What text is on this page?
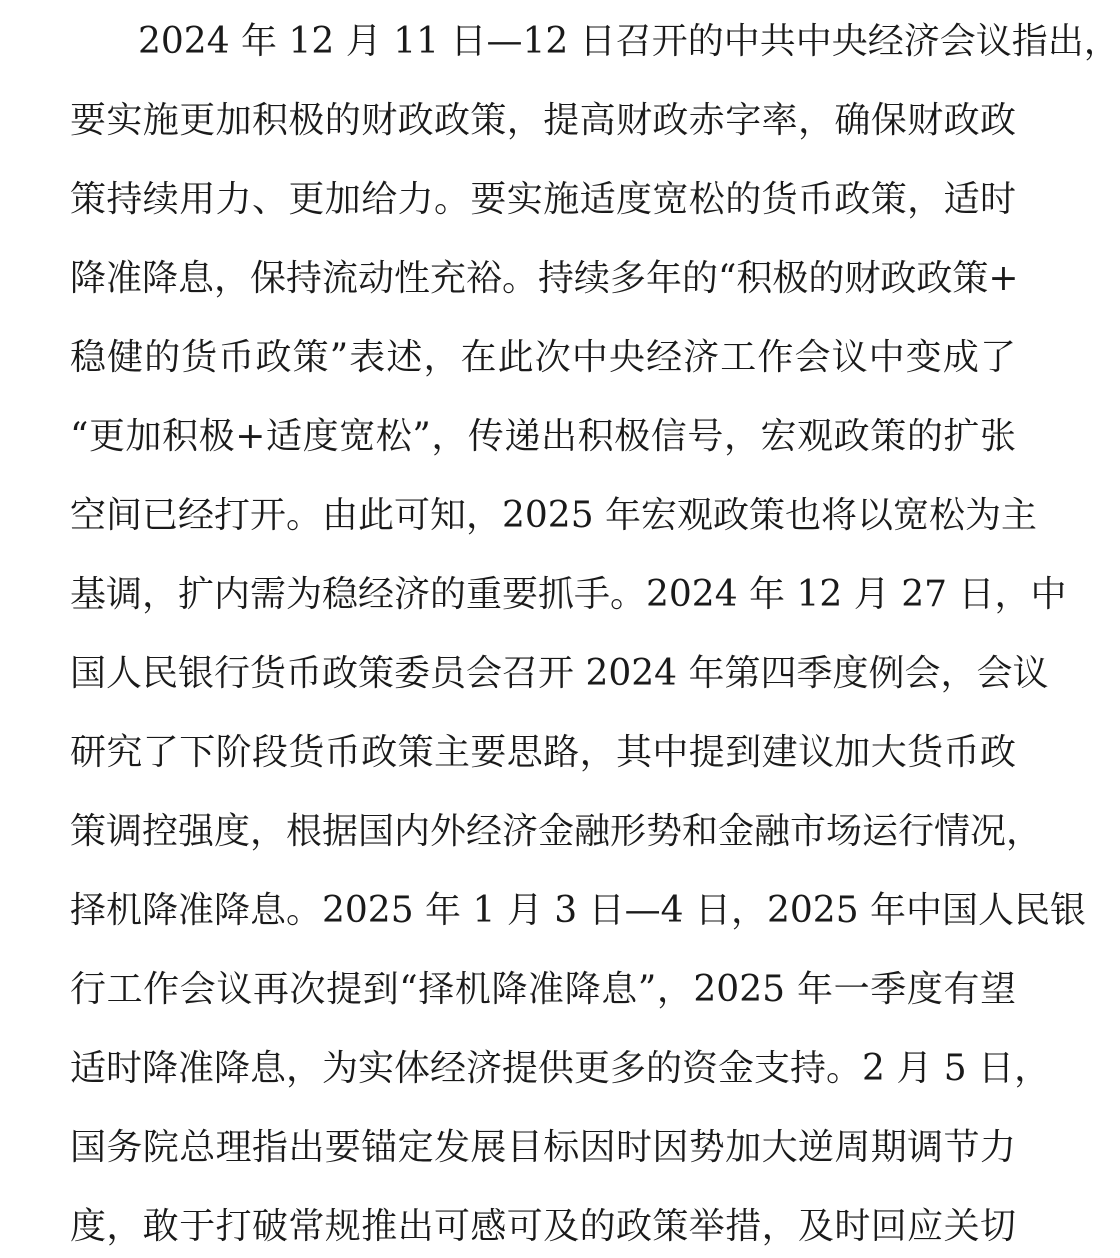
2024 年 12 月 11 日—12 日召开的中共中央经济会议指出，
要实施更加积极的财政政策，提高财政赤字率，确保财政政
策持续用力、更加给力。要实施适度宽松的货币政策，适时
降准降息，保持流动性充裕。持续多年的“积极的财政政策+
稳健的货币政策”表述，在此次中央经济工作会议中变成了
“更加积极+适度宽松”，传递出积极信号，宏观政策的扩张
空间已经打开。由此可知，2025 年宏观政策也将以宽松为主
基调，扩内需为稳经济的重要抓手。2024 年 12 月 27 日，中
国人民银行货币政策委员会召开 2024 年第四季度例会，会议
研究了下阶段货币政策主要思路，其中提到建议加大货币政
策调控强度，根据国内外经济金融形势和金融市场运行情况，
择机降准降息。2025 年 1 月 3 日—4 日，2025 年中国人民银
行工作会议再次提到“择机降准降息”，2025 年一季度有望
适时降准降息，为实体经济提供更多的资金支持。2 月 5 日，
国务院总理指出要锚定发展目标因时因势加大逆周期调节力
度，敢于打破常规推出可感可及的政策举措，及时回应关切
